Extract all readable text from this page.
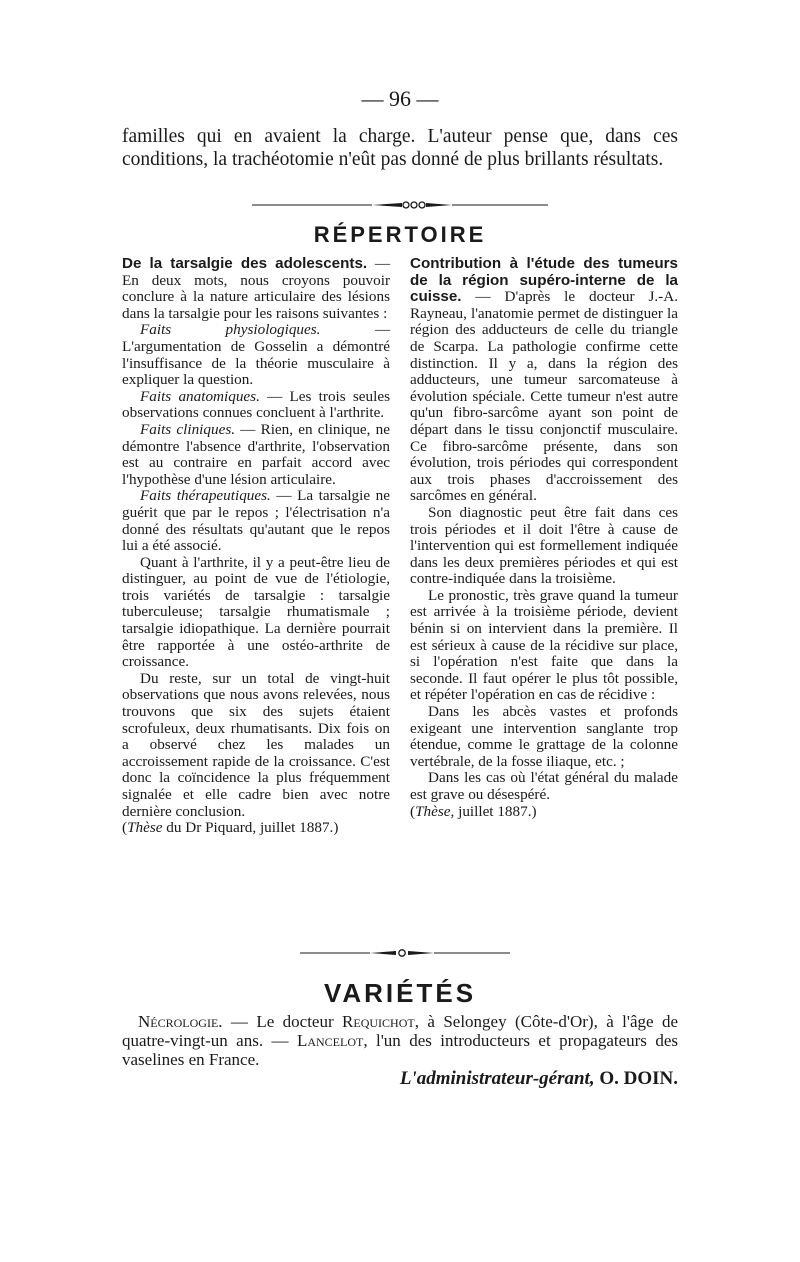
— 96 —

familles qui en avaient la charge. L'auteur pense que, dans ces conditions, la trachéotomie n'eût pas donné de plus brillants résultats.

RÉPERTOIRE

De la tarsalgie des adolescents. — En deux mots, nous croyons pouvoir conclure à la nature articulaire des lésions dans la tarsalgie pour les raisons suivantes :

Faits physiologiques. — L'argumentation de Gosselin a démontré l'insuffisance de la théorie musculaire à expliquer la question.

Faits anatomiques. — Les trois seules observations connues concluent à l'arthrite.

Faits cliniques. — Rien, en clinique, ne démontre l'absence d'arthrite, l'observation est au contraire en parfait accord avec l'hypothèse d'une lésion articulaire.

Faits thérapeutiques. — La tarsalgie ne guérit que par le repos ; l'électrisation n'a donné des résultats qu'autant que le repos lui a été associé.

Quant à l'arthrite, il y a peut-être lieu de distinguer, au point de vue de l'étiologie, trois variétés de tarsalgie : tarsalgie tuberculeuse; tarsalgie rhumatismale ; tarsalgie idiopathique. La dernière pourrait être rapportée à une ostéo-arthrite de croissance.

Du reste, sur un total de vingt-huit observations que nous avons relevées, nous trouvons que six des sujets étaient scrofuleux, deux rhumatisants. Dix fois on a observé chez les malades un accroissement rapide de la croissance. C'est donc la coïncidence la plus fréquemment signalée et elle cadre bien avec notre dernière conclusion.

(Thèse du Dr Piquard, juillet 1887.)

Contribution à l'étude des tumeurs de la région supéro-interne de la cuisse. — D'après le docteur J.-A. Rayneau, l'anatomie permet de distinguer la région des adducteurs de celle du triangle de Scarpa. La pathologie confirme cette distinction. Il y a, dans la région des adducteurs, une tumeur sarcomateuse à évolution spéciale. Cette tumeur n'est autre qu'un fibro-sarcôme ayant son point de départ dans le tissu conjonctif musculaire. Ce fibro-sarcôme présente, dans son évolution, trois périodes qui correspondent aux trois phases d'accroissement des sarcômes en général.

Son diagnostic peut être fait dans ces trois périodes et il doit l'être à cause de l'intervention qui est formellement indiquée dans les deux premières périodes et qui est contre-indiquée dans la troisième.

Le pronostic, très grave quand la tumeur est arrivée à la troisième période, devient bénin si on intervient dans la première. Il est sérieux à cause de la récidive sur place, si l'opération n'est faite que dans la seconde. Il faut opérer le plus tôt possible, et répéter l'opération en cas de récidive :

Dans les abcès vastes et profonds exigeant une intervention sanglante trop étendue, comme le grattage de la colonne vertébrale, de la fosse iliaque, etc. ;

Dans les cas où l'état général du malade est grave ou désespéré.

(Thèse, juillet 1887.)

VARIÉTÉS

Nécrologie. — Le docteur Requichot, à Selongey (Côte-d'Or), à l'âge de quatre-vingt-un ans. — Lancelot, l'un des introducteurs et propagateurs des vaselines en France.

L'administrateur-gérant, O. DOIN.
